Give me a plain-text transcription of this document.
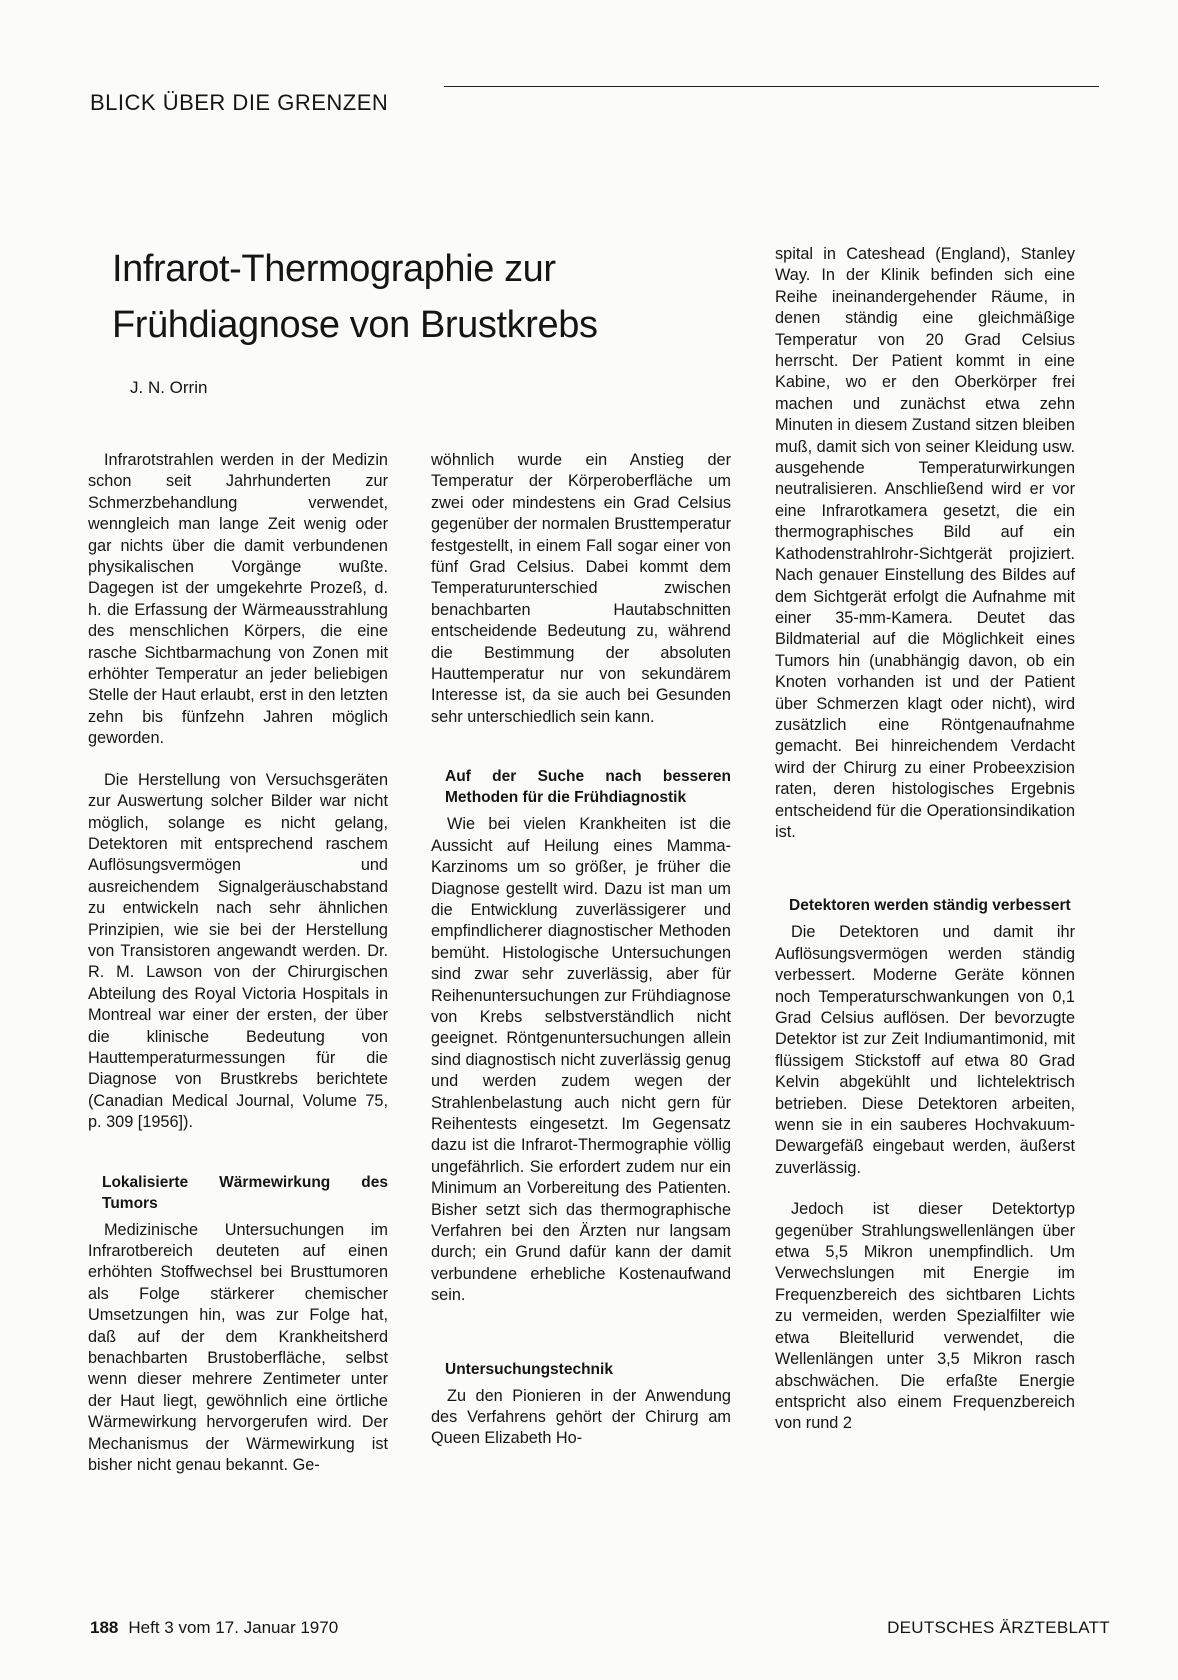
BLICK ÜBER DIE GRENZEN
Infrarot-Thermographie zur
Frühdiagnose von Brustkrebs

J. N. Orrin

Infrarotstrahlen werden in der Medizin schon seit Jahrhunderten zur Schmerzbehandlung verwendet, wenngleich man lange Zeit wenig oder gar nichts über die damit verbundenen physikalischen Vorgänge wußte. Dagegen ist der umgekehrte Prozeß, d. h. die Erfassung der Wärmeausstrahlung des menschlichen Körpers, die eine rasche Sichtbarmachung von Zonen mit erhöhter Temperatur an jeder beliebigen Stelle der Haut erlaubt, erst in den letzten zehn bis fünfzehn Jahren möglich geworden.

Die Herstellung von Versuchsgeräten zur Auswertung solcher Bilder war nicht möglich, solange es nicht gelang, Detektoren mit entsprechend raschem Auflösungsvermögen und ausreichendem Signalgeräuschabstand zu entwickeln nach sehr ähnlichen Prinzipien, wie sie bei der Herstellung von Transistoren angewandt werden. Dr. R. M. Lawson von der Chirurgischen Abteilung des Royal Victoria Hospitals in Montreal war einer der ersten, der über die klinische Bedeutung von Hauttemperaturmessungen für die Diagnose von Brustkrebs berichtete (Canadian Medical Journal, Volume 75, p. 309 [1956]).

Lokalisierte Wärmewirkung des Tumors

Medizinische Untersuchungen im Infrarotbereich deuteten auf einen erhöhten Stoffwechsel bei Brusttumoren als Folge stärkerer chemischer Umsetzungen hin, was zur Folge hat, daß auf der dem Krankheitsherd benachbarten Brustoberfläche, selbst wenn dieser mehrere Zentimeter unter der Haut liegt, gewöhnlich eine örtliche Wärmewirkung hervorgerufen wird. Der Mechanismus der Wärmewirkung ist bisher nicht genau bekannt. Ge-

wöhnlich wurde ein Anstieg der Temperatur der Körperoberfläche um zwei oder mindestens ein Grad Celsius gegenüber der normalen Brusttemperatur festgestellt, in einem Fall sogar einer von fünf Grad Celsius. Dabei kommt dem Temperaturunterschied zwischen benachbarten Hautabschnitten entscheidende Bedeutung zu, während die Bestimmung der absoluten Hauttemperatur nur von sekundärem Interesse ist, da sie auch bei Gesunden sehr unterschiedlich sein kann.

Auf der Suche nach besseren Methoden für die Frühdiagnostik

Wie bei vielen Krankheiten ist die Aussicht auf Heilung eines Mamma-Karzinoms um so größer, je früher die Diagnose gestellt wird. Dazu ist man um die Entwicklung zuverlässigerer und empfindlicherer diagnostischer Methoden bemüht. Histologische Untersuchungen sind zwar sehr zuverlässig, aber für Reihenuntersuchungen zur Frühdiagnose von Krebs selbstverständlich nicht geeignet. Röntgenuntersuchungen allein sind diagnostisch nicht zuverlässig genug und werden zudem wegen der Strahlenbelastung auch nicht gern für Reihentests eingesetzt. Im Gegensatz dazu ist die Infrarot-Thermographie völlig ungefährlich. Sie erfordert zudem nur ein Minimum an Vorbereitung des Patienten. Bisher setzt sich das thermographische Verfahren bei den Ärzten nur langsam durch; ein Grund dafür kann der damit verbundene erhebliche Kostenaufwand sein.

Untersuchungstechnik

Zu den Pionieren in der Anwendung des Verfahrens gehört der Chirurg am Queen Elizabeth Ho-

spital in Cateshead (England), Stanley Way. In der Klinik befinden sich eine Reihe ineinandergehender Räume, in denen ständig eine gleichmäßige Temperatur von 20 Grad Celsius herrscht. Der Patient kommt in eine Kabine, wo er den Oberkörper frei machen und zunächst etwa zehn Minuten in diesem Zustand sitzen bleiben muß, damit sich von seiner Kleidung usw. ausgehende Temperaturwirkungen neutralisieren. Anschließend wird er vor eine Infrarotkamera gesetzt, die ein thermographisches Bild auf ein Kathodenstrahlrohr-Sichtgerät projiziert. Nach genauer Einstellung des Bildes auf dem Sichtgerät erfolgt die Aufnahme mit einer 35-mm-Kamera. Deutet das Bildmaterial auf die Möglichkeit eines Tumors hin (unabhängig davon, ob ein Knoten vorhanden ist und der Patient über Schmerzen klagt oder nicht), wird zusätzlich eine Röntgenaufnahme gemacht. Bei hinreichendem Verdacht wird der Chirurg zu einer Probeexzision raten, deren histologisches Ergebnis entscheidend für die Operationsindikation ist.

Detektoren werden ständig verbessert

Die Detektoren und damit ihr Auflösungsvermögen werden ständig verbessert. Moderne Geräte können noch Temperaturschwankungen von 0,1 Grad Celsius auflösen. Der bevorzugte Detektor ist zur Zeit Indiumantimonid, mit flüssigem Stickstoff auf etwa 80 Grad Kelvin abgekühlt und lichtelektrisch betrieben. Diese Detektoren arbeiten, wenn sie in ein sauberes Hochvakuum-Dewargefäß eingebaut werden, äußerst zuverlässig.

Jedoch ist dieser Detektortyp gegenüber Strahlungswellenlängen über etwa 5,5 Mikron unempfindlich. Um Verwechslungen mit Energie im Frequenzbereich des sichtbaren Lichts zu vermeiden, werden Spezialfilter wie etwa Bleitellurid verwendet, die Wellenlängen unter 3,5 Mikron rasch abschwächen. Die erfaßte Energie entspricht also einem Frequenzbereich von rund 2

188 Heft 3 vom 17. Januar 1970	DEUTSCHES ÄRZTEBLATT
